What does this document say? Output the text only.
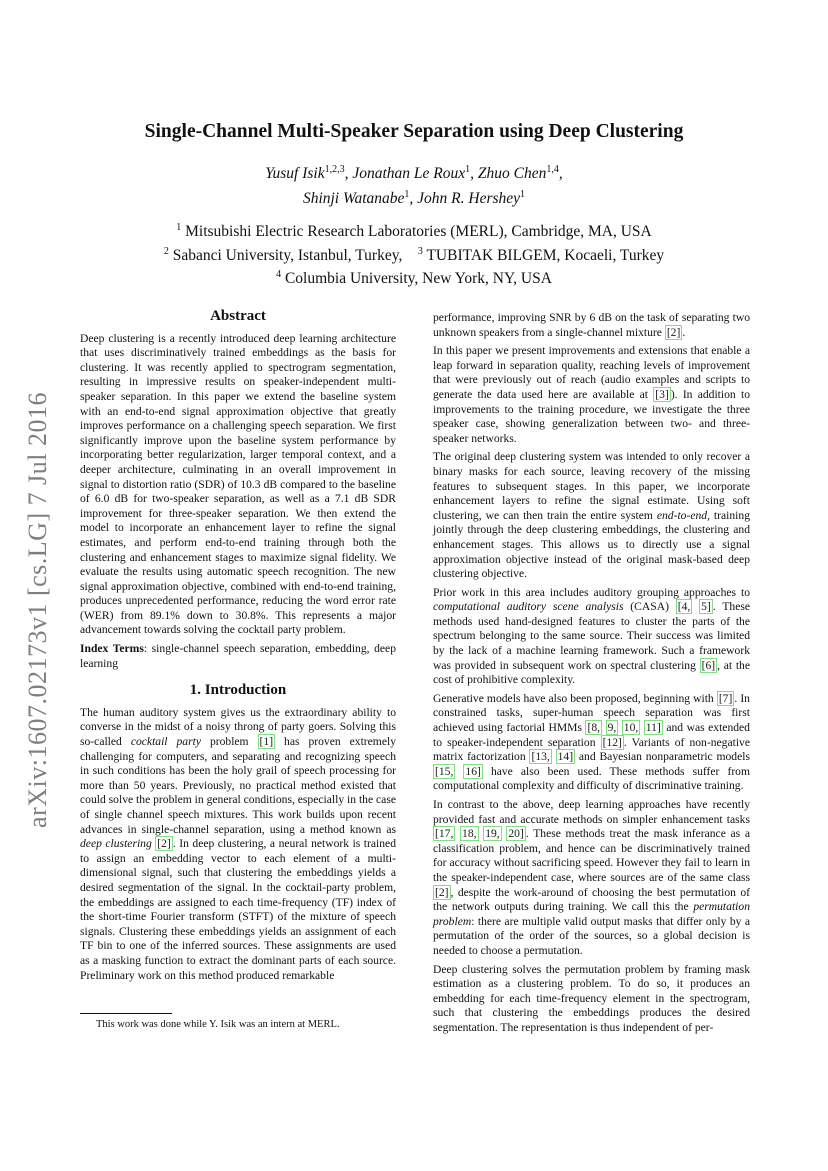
arXiv:1607.02173v1 [cs.LG] 7 Jul 2016
Single-Channel Multi-Speaker Separation using Deep Clustering
Yusuf Isik$^{1,2,3}$, Jonathan Le Roux$^1$, Zhuo Chen$^{1,4}$,
Shinji Watanabe$^1$, John R. Hershey$^1$
$^1$ Mitsubishi Electric Research Laboratories (MERL), Cambridge, MA, USA
$^2$ Sabanci University, Istanbul, Turkey, $^3$ TUBITAK BILGEM, Kocaeli, Turkey
$^4$ Columbia University, New York, NY, USA
Abstract

Deep clustering is a recently introduced deep learning architecture that uses discriminatively trained embeddings as the basis for clustering. It was recently applied to spectrogram segmentation, resulting in impressive results on speaker-independent multi-speaker separation. In this paper we extend the baseline system with an end-to-end signal approximation objective that greatly improves performance on a challenging speech separation. We first significantly improve upon the baseline system performance by incorporating better regularization, larger temporal context, and a deeper architecture, culminating in an overall improvement in signal to distortion ratio (SDR) of 10.3 dB compared to the baseline of 6.0 dB for two-speaker separation, as well as a 7.1 dB SDR improvement for three-speaker separation. We then extend the model to incorporate an enhancement layer to refine the signal estimates, and perform end-to-end training through both the clustering and enhancement stages to maximize signal fidelity. We evaluate the results using automatic speech recognition. The new signal approximation objective, combined with end-to-end training, produces unprecedented performance, reducing the word error rate (WER) from 89.1% down to 30.8%. This represents a major advancement towards solving the cocktail party problem.

Index Terms: single-channel speech separation, embedding, deep learning

1. Introduction

The human auditory system gives us the extraordinary ability to converse in the midst of a noisy throng of party goers. Solving this so-called cocktail party problem [1] has proven extremely challenging for computers, and separating and recognizing speech in such conditions has been the holy grail of speech processing for more than 50 years. Previously, no practical method existed that could solve the problem in general conditions, especially in the case of single channel speech mixtures. This work builds upon recent advances in single-channel separation, using a method known as deep clustering [2] . In deep clustering, a neural network is trained to assign an embedding vector to each element of a multi-dimensional signal, such that clustering the embeddings yields a desired segmentation of the signal. In the cocktail-party problem, the embeddings are assigned to each time-frequency (TF) index of the short-time Fourier transform (STFT) of the mixture of speech signals. Clustering these embeddings yields an assignment of each TF bin to one of the inferred sources. These assignments are used as a masking function to extract the dominant parts of each source. Preliminary work on this method produced remarkable

This work was done while Y. Isik was an intern at MERL.

performance, improving SNR by 6 dB on the task of separating two unknown speakers from a single-channel mixture [2] .

In this paper we present improvements and extensions that enable a leap forward in separation quality, reaching levels of improvement that were previously out of reach (audio examples and scripts to generate the data used here are available at [3] ). In addition to improvements to the training procedure, we investigate the three speaker case, showing generalization between two- and three-speaker networks.

The original deep clustering system was intended to only recover a binary masks for each source, leaving recovery of the missing features to subsequent stages. In this paper, we incorporate enhancement layers to refine the signal estimate. Using soft clustering, we can then train the entire system end-to-end, training jointly through the deep clustering embeddings, the clustering and enhancement stages. This allows us to directly use a signal approximation objective instead of the original mask-based deep clustering objective.

Prior work in this area includes auditory grouping approaches to computational auditory scene analysis (CASA) [4, 5] . These methods used hand-designed features to cluster the parts of the spectrum belonging to the same source. Their success was limited by the lack of a machine learning framework. Such a framework was provided in subsequent work on spectral clustering [6] , at the cost of prohibitive complexity.

Generative models have also been proposed, beginning with [7] . In constrained tasks, super-human speech separation was first achieved using factorial HMMs [8, 9, 10, 11] and was extended to speaker-independent separation [12] . Variants of non-negative matrix factorization [13, 14] and Bayesian nonparametric models [15, 16] have also been used. These methods suffer from computational complexity and difficulty of discriminative training.

In contrast to the above, deep learning approaches have recently provided fast and accurate methods on simpler enhancement tasks [17, 18, 19, 20] . These methods treat the mask inferance as a classification problem, and hence can be discriminatively trained for accuracy without sacrificing speed. However they fail to learn in the speaker-independent case, where sources are of the same class [2] , despite the work-around of choosing the best permutation of the network outputs during training. We call this the permutation problem: there are multiple valid output masks that differ only by a permutation of the order of the sources, so a global decision is needed to choose a permutation.

Deep clustering solves the permutation problem by framing mask estimation as a clustering problem. To do so, it produces an embedding for each time-frequency element in the spectrogram, such that clustering the embeddings produces the desired segmentation. The representation is thus independent of per-
